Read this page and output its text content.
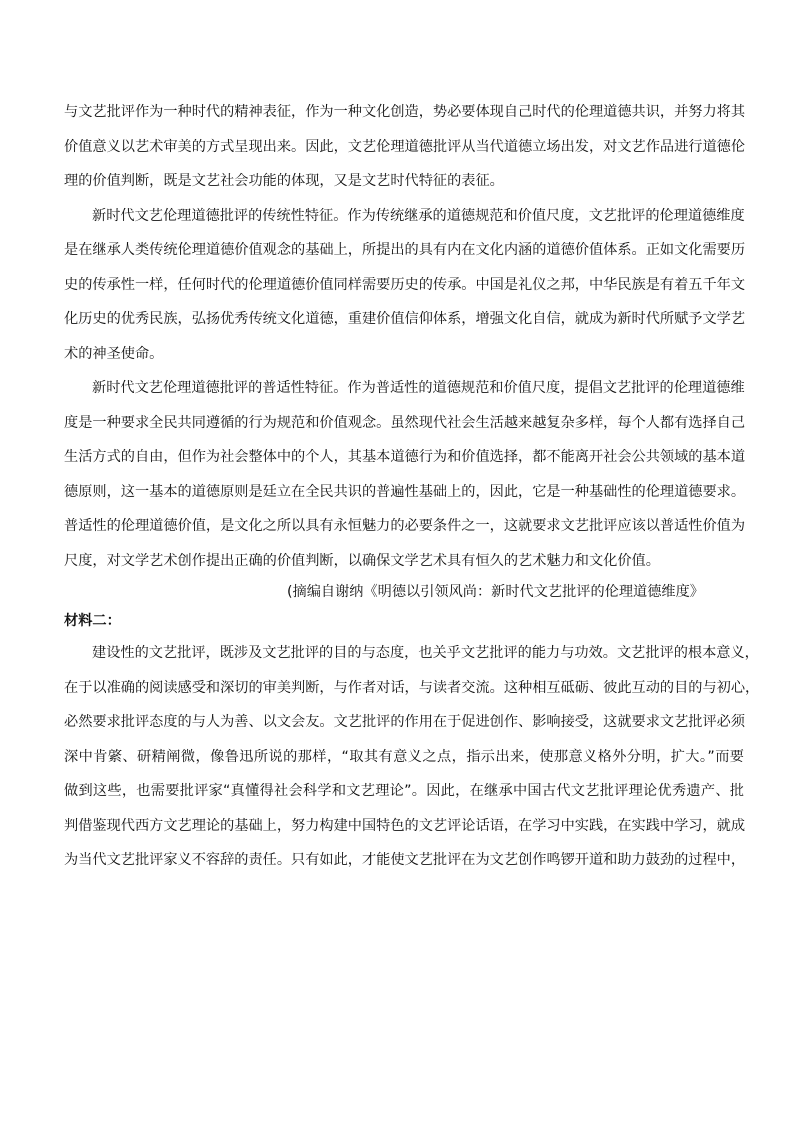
与文艺批评作为一种时代的精神表征，作为一种文化创造，势必要体现自己时代的伦理道德共识，并努力将其
价值意义以艺术审美的方式呈现出来。因此，文艺伦理道德批评从当代道德立场出发，对文艺作品进行道德伦
理的价值判断，既是文艺社会功能的体现，又是文艺时代特征的表征。
新时代文艺伦理道德批评的传统性特征。作为传统继承的道德规范和价值尺度，文艺批评的伦理道德维度
是在继承人类传统伦理道德价值观念的基础上，所提出的具有内在文化内涵的道德价值体系。正如文化需要历
史的传承性一样，任何时代的伦理道德价值同样需要历史的传承。中国是礼仪之邦，中华民族是有着五千年文
化历史的优秀民族，弘扬优秀传统文化道德，重建价值信仰体系，增强文化自信，就成为新时代所赋予文学艺
术的神圣使命。
新时代文艺伦理道德批评的普适性特征。作为普适性的道德规范和价值尺度，提倡文艺批评的伦理道德维
度是一种要求全民共同遵循的行为规范和价值观念。虽然现代社会生活越来越复杂多样，每个人都有选择自己
生活方式的自由，但作为社会整体中的个人，其基本道德行为和价值选择，都不能离开社会公共领域的基本道
德原则，这一基本的道德原则是廷立在全民共识的普遍性基础上的，因此，它是一种基础性的伦理道德要求。
普适性的伦理道德价值，是文化之所以具有永恒魅力的必要条件之一，这就要求文艺批评应该以普适性价值为
尺度，对文学艺术创作提出正确的价值判断，以确保文学艺术具有恒久的艺术魅力和文化价值。
(摘编自谢纳《明德以引领风尚：新时代文艺批评的伦理道德维度》
材料二：
建设性的文艺批评，既涉及文艺批评的目的与态度，也关乎文艺批评的能力与功效。文艺批评的根本意义，
在于以准确的阅读感受和深切的审美判断，与作者对话，与读者交流。这种相互砥砺、彼此互动的目的与初心，
必然要求批评态度的与人为善、以文会友。文艺批评的作用在于促进创作、影响接受，这就要求文艺批评必须
深中肯綮、研精阐微，像鲁迅所说的那样，“取其有意义之点，指示出来，使那意义格外分明，扩大。”而要
做到这些，也需要批评家“真懂得社会科学和文艺理论”。因此，在继承中国古代文艺批评理论优秀遗产、批
判借鉴现代西方文艺理论的基础上，努力构建中国特色的文艺评论话语，在学习中实践，在实践中学习，就成
为当代文艺批评家义不容辞的责任。只有如此，才能使文艺批评在为文艺创作鸣锣开道和助力鼓劲的过程中，
